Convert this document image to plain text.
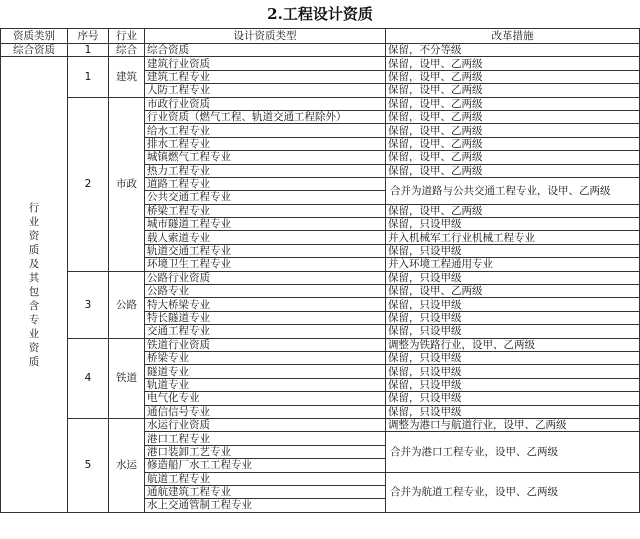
2.工程设计资质
资质类别	序号	行业	设计资质类型	改革措施
综合资质	1	综合	综合资质	保留，不分等级
行业资质及其包含专业资质	1	建筑	建筑行业资质	保留，设甲、乙两级
			建筑工程专业	保留，设甲、乙两级
			人防工程专业	保留，设甲、乙两级
	2	市政	市政行业资质	保留，设甲、乙两级
			行业资质（燃气工程、轨道交通工程除外）	保留，设甲、乙两级
			给水工程专业	保留，设甲、乙两级
			排水工程专业	保留，设甲、乙两级
			城镇燃气工程专业	保留，设甲、乙两级
			热力工程专业	保留，设甲、乙两级
			道路工程专业	合并为道路与公共交通工程专业，设甲、乙两级
			公共交通工程专业	
			桥梁工程专业	保留，设甲、乙两级
			城市隧道工程专业	保留，只设甲级
			载人索道专业	并入机械军工行业机械工程专业
			轨道交通工程专业	保留，只设甲级
			环境卫生工程专业	并入环境工程通用专业
	3	公路	公路行业资质	保留，只设甲级
			公路专业	保留，设甲、乙两级
			特大桥梁专业	保留，只设甲级
			特长隧道专业	保留，只设甲级
			交通工程专业	保留，只设甲级
	4	铁道	铁道行业资质	调整为铁路行业，设甲、乙两级
			桥梁专业	保留，只设甲级
			隧道专业	保留，只设甲级
			轨道专业	保留，只设甲级
			电气化专业	保留，只设甲级
			通信信号专业	保留，只设甲级
	5	水运	水运行业资质	调整为港口与航道行业，设甲、乙两级
			港口工程专业	合并为港口工程专业，设甲、乙两级
			港口装卸工艺专业	
			修造船厂水工工程专业	
			航道工程专业	合并为航道工程专业，设甲、乙两级
			通航建筑工程专业	
			水上交通管制工程专业	
